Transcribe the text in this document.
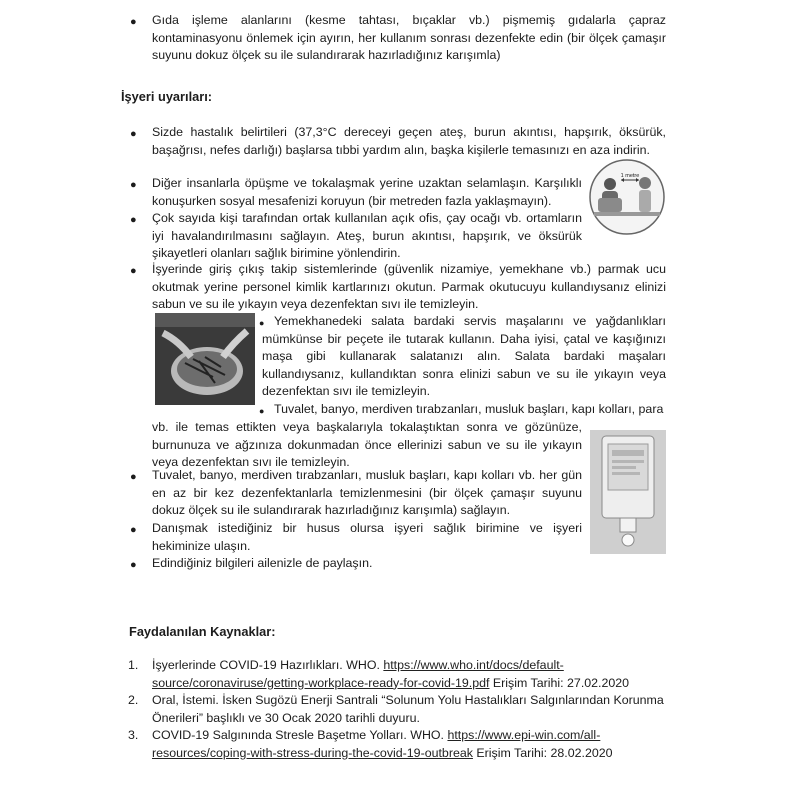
● Gıda işleme alanlarını (kesme tahtası, bıçaklar vb.) pişmemiş gıdalarla çapraz kontaminasyonu önlemek için ayırın, her kullanım sonrası dezenfekte edin (bir ölçek çamaşır suyunu dokuz ölçek su ile sulandırarak hazırladığınız karışımla)
İşyeri uyarıları:
● Sizde hastalık belirtileri (37,3°C dereceyi geçen ateş, burun akıntısı, hapşırık, öksürük, başağrısı, nefes darlığı) başlarsa tıbbi yardım alın, başka kişilerle temasınızı en aza indirin.
1 metre
● Diğer insanlarla öpüşme ve tokalaşmak yerine uzaktan selamlaşın. Karşılıklı konuşurken sosyal mesafenizi koruyun (bir metreden fazla yaklaşmayın).
● Çok sayıda kişi tarafından ortak kullanılan açık ofis, çay ocağı vb. ortamların iyi havalandırılmasını sağlayın. Ateş, burun akıntısı, hapşırık, ve öksürük şikayetleri olanları sağlık birimine yönlendirin.
● İşyerinde giriş çıkış takip sistemlerinde (güvenlik nizamiye, yemekhane vb.) parmak ucu okutmak yerine personel kimlik kartlarınızı okutun. Parmak okutucuyu kullandıysanız elinizi sabun ve su ile yıkayın veya dezenfektan sıvı ile temizleyin.
● Yemekhanedeki salata bardaki servis maşalarını ve yağdanlıkları mümkünse bir peçete ile tutarak kullanın. Daha iyisi, çatal ve kaşığınızı maşa gibi kullanarak salatanızı alın. Salata bardaki maşaları kullandıysanız, kullandıktan sonra elinizi sabun ve su ile yıkayın veya dezenfektan sıvı ile temizleyin.
● Tuvalet, banyo, merdiven tırabzanları, musluk başları, kapı kolları, para
vb. ile temas ettikten veya başkalarıyla tokalaştıktan sonra ve gözünüze, burnunuza ve ağzınıza dokunmadan önce ellerinizi sabun ve su ile yıkayın veya dezenfektan sıvı ile temizleyin.
● Tuvalet, banyo, merdiven tırabzanları, musluk başları, kapı kolları vb. her gün en az bir kez dezenfektanlarla temizlenmesini (bir ölçek çamaşır suyunu dokuz ölçek su ile sulandırarak hazırladığınız karışımla) sağlayın.
● Danışmak istediğiniz bir husus olursa işyeri sağlık birimine ve işyeri hekiminize ulaşın.
● Edindiğiniz bilgileri ailenizle de paylaşın.
Faydalanılan Kaynaklar:
1. İşyerlerinde COVID-19 Hazırlıkları. WHO. https://www.who.int/docs/default-source/coronaviruse/getting-workplace-ready-for-covid-19.pdf Erişim Tarihi: 27.02.2020
2. Oral, İstemi. İsken Sugözü Enerji Santrali “Solunum Yolu Hastalıkları Salgınlarından Korunma Önerileri” başlıklı ve 30 Ocak 2020 tarihli duyuru.
3. COVID-19 Salgınında Stresle Başetme Yolları. WHO. https://www.epi-win.com/all-resources/coping-with-stress-during-the-covid-19-outbreak Erişim Tarihi: 28.02.2020
